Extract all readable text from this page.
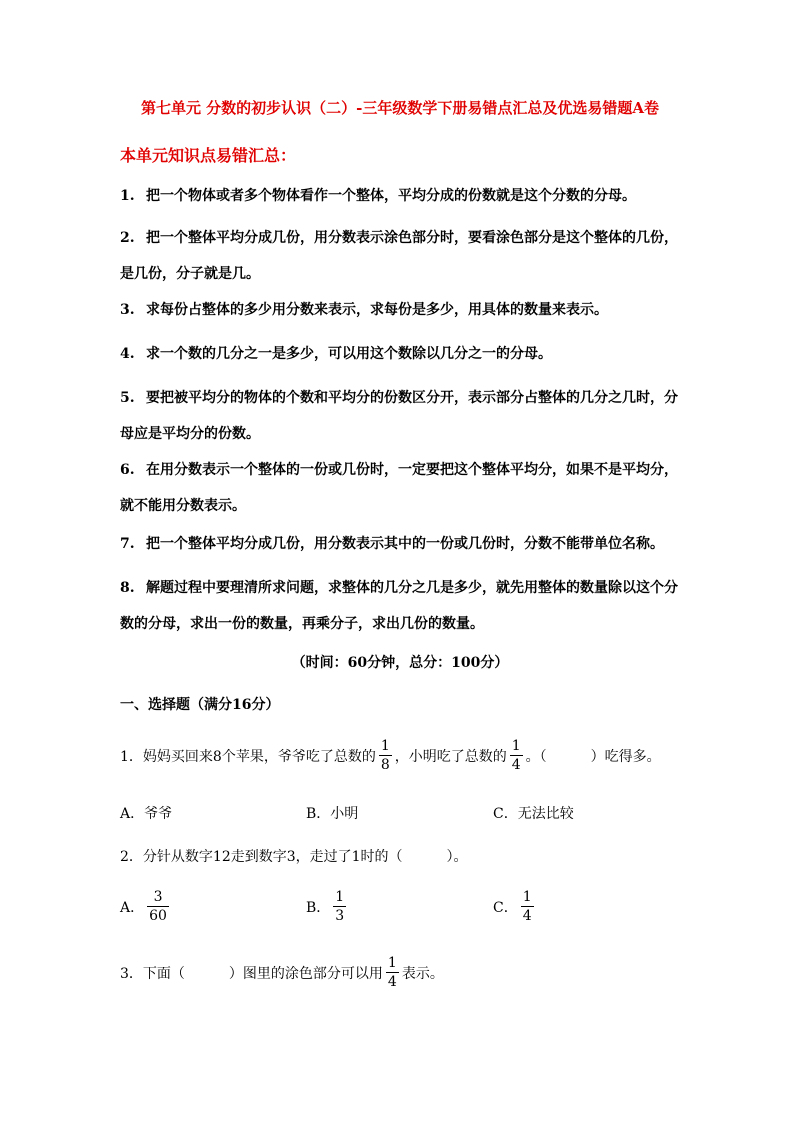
第七单元 分数的初步认识（二）-三年级数学下册易错点汇总及优选易错题A卷
本单元知识点易错汇总：

1. 把一个物体或者多个物体看作一个整体，平均分成的份数就是这个分数的分母。

2. 把一个整体平均分成几份，用分数表示涂色部分时，要看涂色部分是这个整体的几份，是几份，分子就是几。

3. 求每份占整体的多少用分数来表示，求每份是多少，用具体的数量来表示。

4. 求一个数的几分之一是多少，可以用这个数除以几分之一的分母。

5. 要把被平均分的物体的个数和平均分的份数区分开，表示部分占整体的几分之几时，分母应是平均分的份数。

6. 在用分数表示一个整体的一份或几份时，一定要把这个整体平均分，如果不是平均分，就不能用分数表示。

7. 把一个整体平均分成几份，用分数表示其中的一份或几份时，分数不能带单位名称。

8. 解题过程中要理清所求问题，求整体的几分之几是多少，就先用整体的数量除以这个分数的分母，求出一份的数量，再乘分子，求出几份的数量。

（时间：60分钟，总分：100分）
一、选择题（满分16分）
1．妈妈买回来8个苹果，爷爷吃了总数的 $\frac{1}{8}$ ，小明吃了总数的 $\frac{1}{4}$ 。（	）吃得多。
A．爷爷	B．小明	C．无法比较
2．分针从数字12走到数字3，走过了1时的（	）。
A． $\frac{3}{60}$	B． $\frac{1}{3}$	C． $\frac{1}{4}$
3．下面（	）图里的涂色部分可以用 $\frac{1}{4}$ 表示。
